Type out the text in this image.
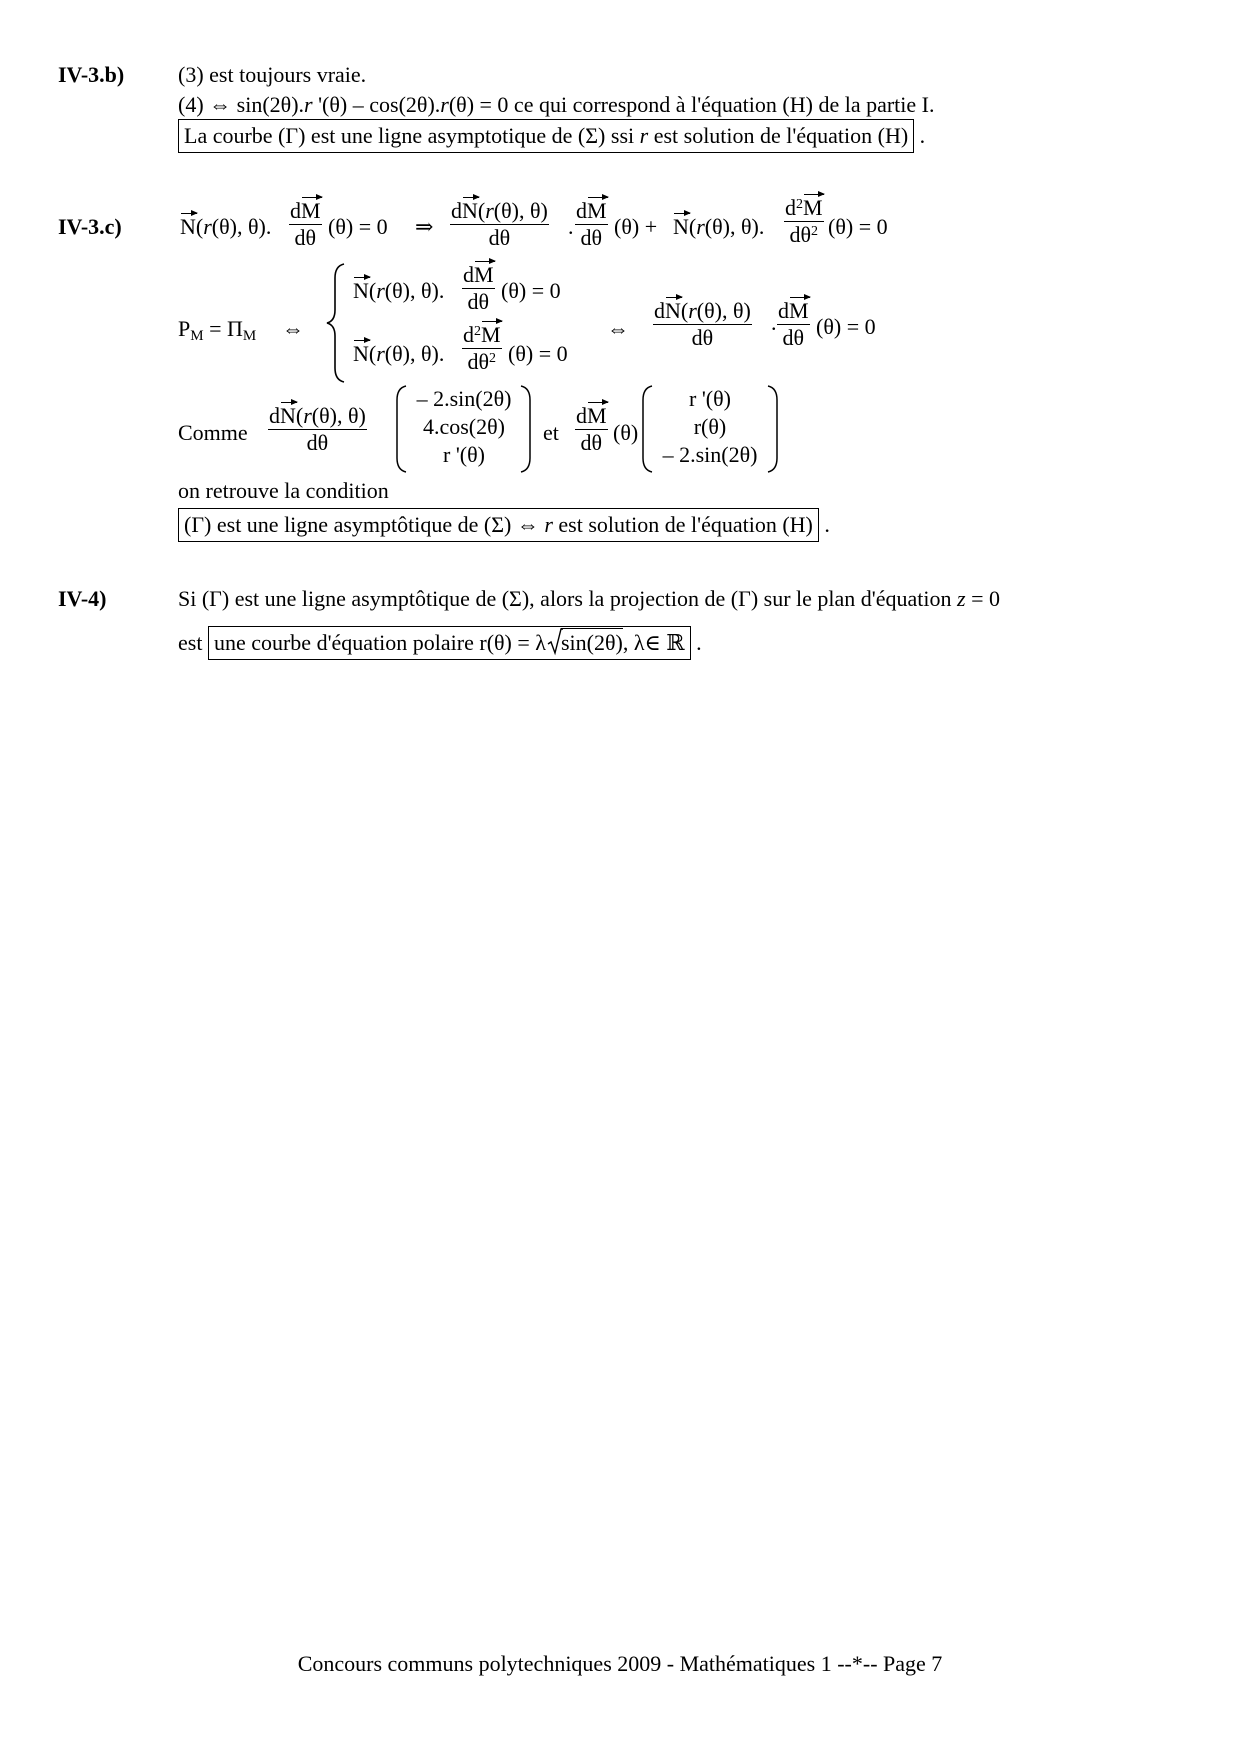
IV-3.b) (3) est toujours vraie.
(4) ⇔ sin(2θ).r '(θ) – cos(2θ).r(θ) = 0 ce qui correspond à l'équation (H) de la partie I.
La courbe (Γ) est une ligne asymptotique de (Σ) ssi r est solution de l'équation (H) .
IV-3.c)	N(r(θ), θ). $\frac{dM}{d\theta} (\theta) = 0$ ⇒ $\frac{dN(r(\theta), \theta)}{d\theta}$ . $\frac{dM}{d\theta} (\theta) + N(r(\theta)$, θ). $\frac{d^2M}{d\theta^2} (\theta) = 0$
$P_M = \Pi_M$ ⇔
N(r(θ), θ). $\frac{dM}{d\theta} (\theta) = 0$
N(r(θ), θ). $\frac{d^2M}{d\theta^2} (\theta) = 0$
⇔ $\frac{dN(r(\theta), \theta)}{d\theta}$ . $\frac{dM}{d\theta} (\theta) = 0$
Comme $\frac{dN(r(\theta), \theta)}{d\theta}$
– 2.sin(2θ)
4.cos(2θ)
r '(θ)
et $\frac{dM}{d\theta} (\theta)$
r '(θ)
r(θ)
– 2.sin(2θ)
on retrouve la condition
(Γ) est une ligne asymptôtique de (Σ) ⇔ r est solution de l'équation (H) .
IV-4)	Si (Γ) est une ligne asymptôtique de (Σ), alors la projection de (Γ) sur le plan d'équation z = 0
est une courbe d'équation polaire r(θ) = λ sin(2θ), λ∈ ℝ .
Concours communs polytechniques 2009 - Mathématiques 1 --*-- Page 7
